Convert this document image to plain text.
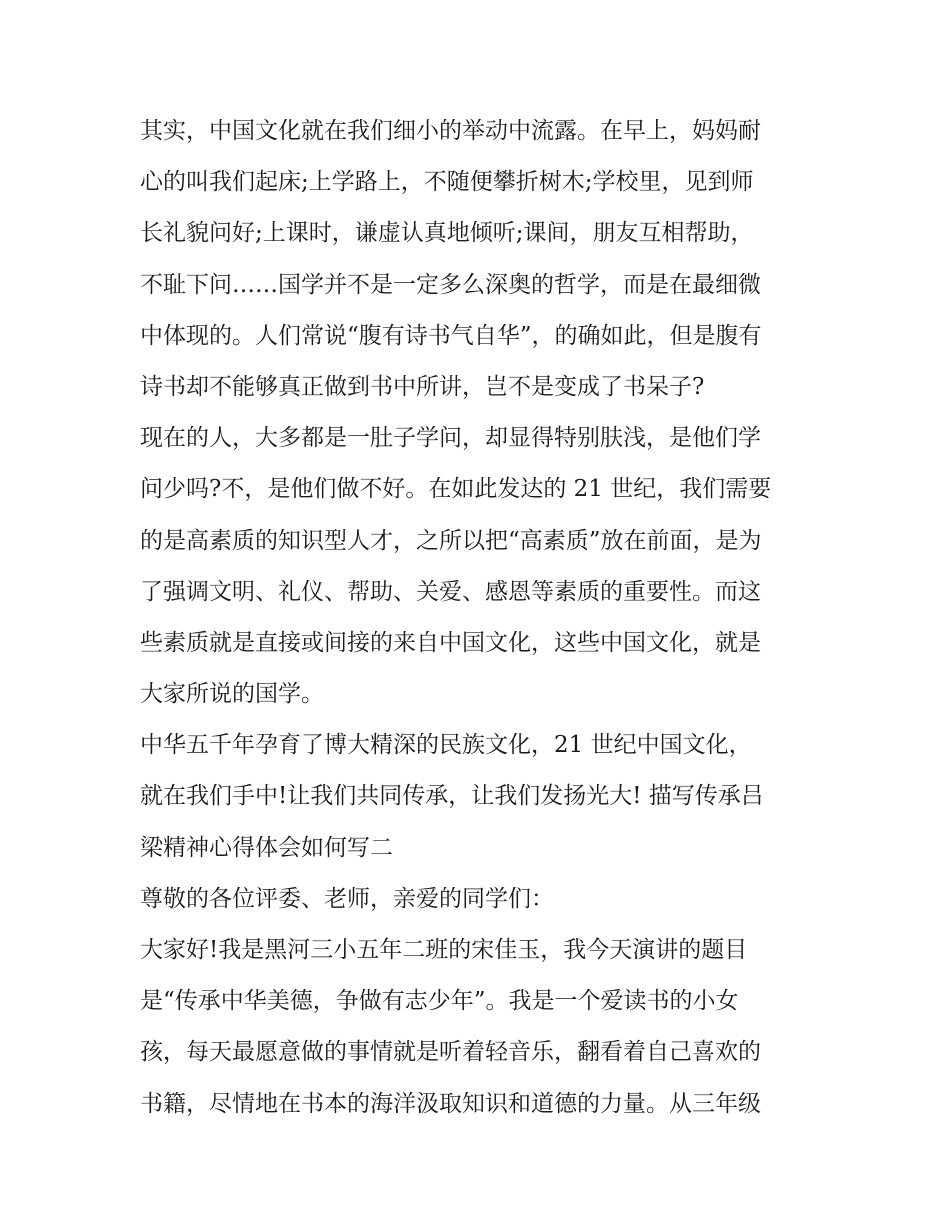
其实，中国文化就在我们细小的举动中流露。在早上，妈妈耐
心的叫我们起床;上学路上，不随便攀折树木;学校里，见到师
长礼貌问好;上课时，谦虚认真地倾听;课间，朋友互相帮助，
不耻下问……国学并不是一定多么深奥的哲学，而是在最细微
中体现的。人们常说“腹有诗书气自华”，的确如此，但是腹有
诗书却不能够真正做到书中所讲，岂不是变成了书呆子?
现在的人，大多都是一肚子学问，却显得特别肤浅，是他们学
问少吗?不，是他们做不好。在如此发达的 21 世纪，我们需要
的是高素质的知识型人才，之所以把“高素质”放在前面，是为
了强调文明、礼仪、帮助、关爱、感恩等素质的重要性。而这
些素质就是直接或间接的来自中国文化，这些中国文化，就是
大家所说的国学。
中华五千年孕育了博大精深的民族文化，21 世纪中国文化，
就在我们手中!让我们共同传承，让我们发扬光大! 描写传承吕
梁精神心得体会如何写二
尊敬的各位评委、老师，亲爱的同学们：
大家好!我是黑河三小五年二班的宋佳玉，我今天演讲的题目
是“传承中华美德，争做有志少年”。我是一个爱读书的小女
孩，每天最愿意做的事情就是听着轻音乐，翻看着自己喜欢的
书籍，尽情地在书本的海洋汲取知识和道德的力量。从三年级
